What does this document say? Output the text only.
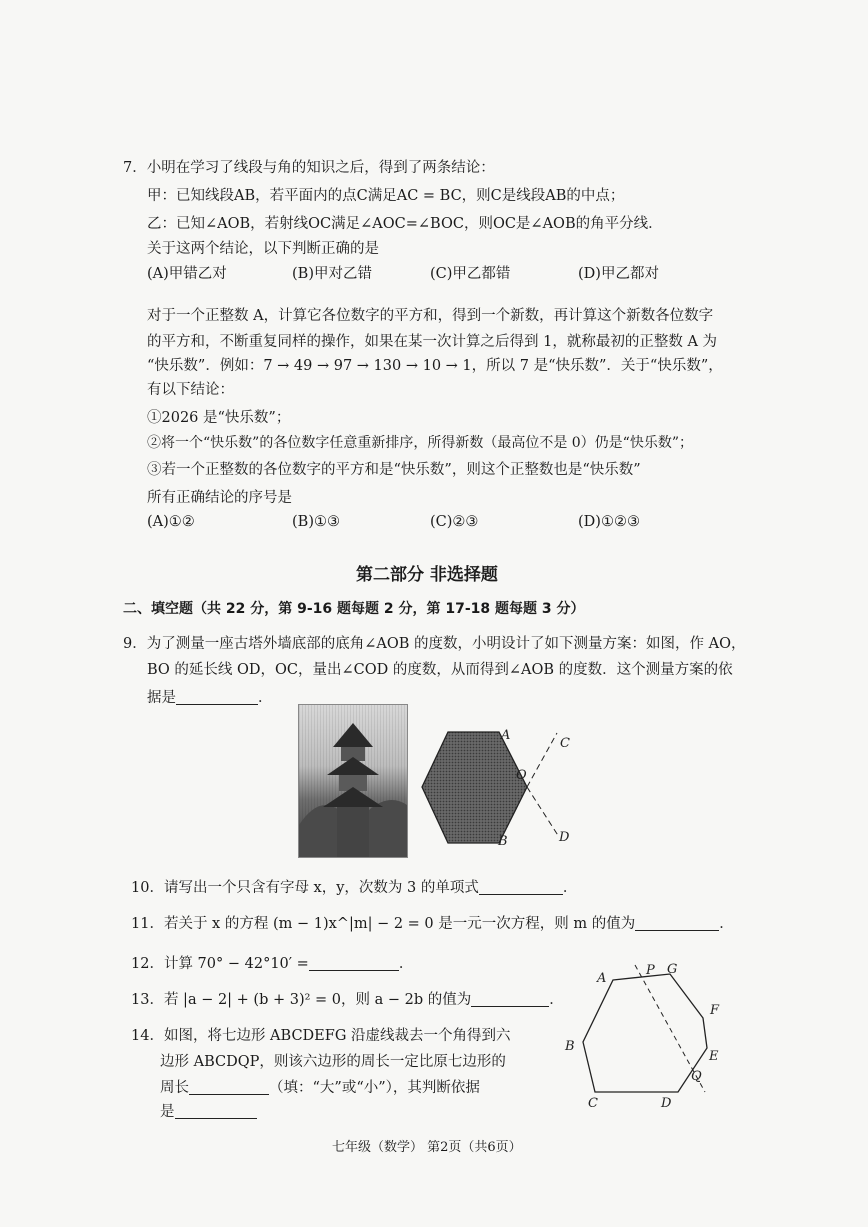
7．小明在学习了线段与角的知识之后，得到了两条结论：
甲：已知线段AB，若平面内的点C满足AC = BC，则C是线段AB的中点；
乙：已知∠AOB，若射线OC满足∠AOC=∠BOC，则OC是∠AOB的角平分线．
关于这两个结论，以下判断正确的是
(A)甲错乙对	(B)甲对乙错	(C)甲乙都错	(D)甲乙都对
对于一个正整数 A，计算它各位数字的平方和，得到一个新数，再计算这个新数各位数字
的平方和，不断重复同样的操作，如果在某一次计算之后得到 1，就称最初的正整数 A 为
“快乐数”．例如：7 → 49 → 97 → 130 → 10 → 1，所以 7 是“快乐数”．关于“快乐数”，
有以下结论：
①2026 是“快乐数”；
②将一个“快乐数”的各位数字任意重新排序，所得新数（最高位不是 0）仍是“快乐数”；
③若一个正整数的各位数字的平方和是“快乐数”，则这个正整数也是“快乐数”
所有正确结论的序号是
(A)①②	(B)①③	(C)②③	(D)①②③
第二部分 非选择题
二、填空题（共 22 分，第 9-16 题每题 2 分，第 17-18 题每题 3 分）
9．为了测量一座古塔外墙底部的底角∠AOB 的度数，小明设计了如下测量方案：如图，作 AO，
BO 的延长线 OD，OC，量出∠COD 的度数，从而得到∠AOB 的度数．这个测量方案的依
据是	．
A
C
O
D
B
10．请写出一个只含有字母 x，y，次数为 3 的单项式	．
11．若关于 x 的方程 (m − 1)x^|m| − 2 = 0 是一元一次方程，则 m 的值为	．
12．计算 70° − 42°10′ =	．
13．若 |a − 2| + (b + 3)² = 0，则 a − 2b 的值为	．
14．如图，将七边形 ABCDEFG 沿虚线裁去一个角得到六
边形 ABCDQP，则该六边形的周长一定比原七边形的
周长	（填：“大”或“小”），其判断依据
是
A
P G
F
E
Q
B
C	D
七年级（数学） 第2页（共6页）
